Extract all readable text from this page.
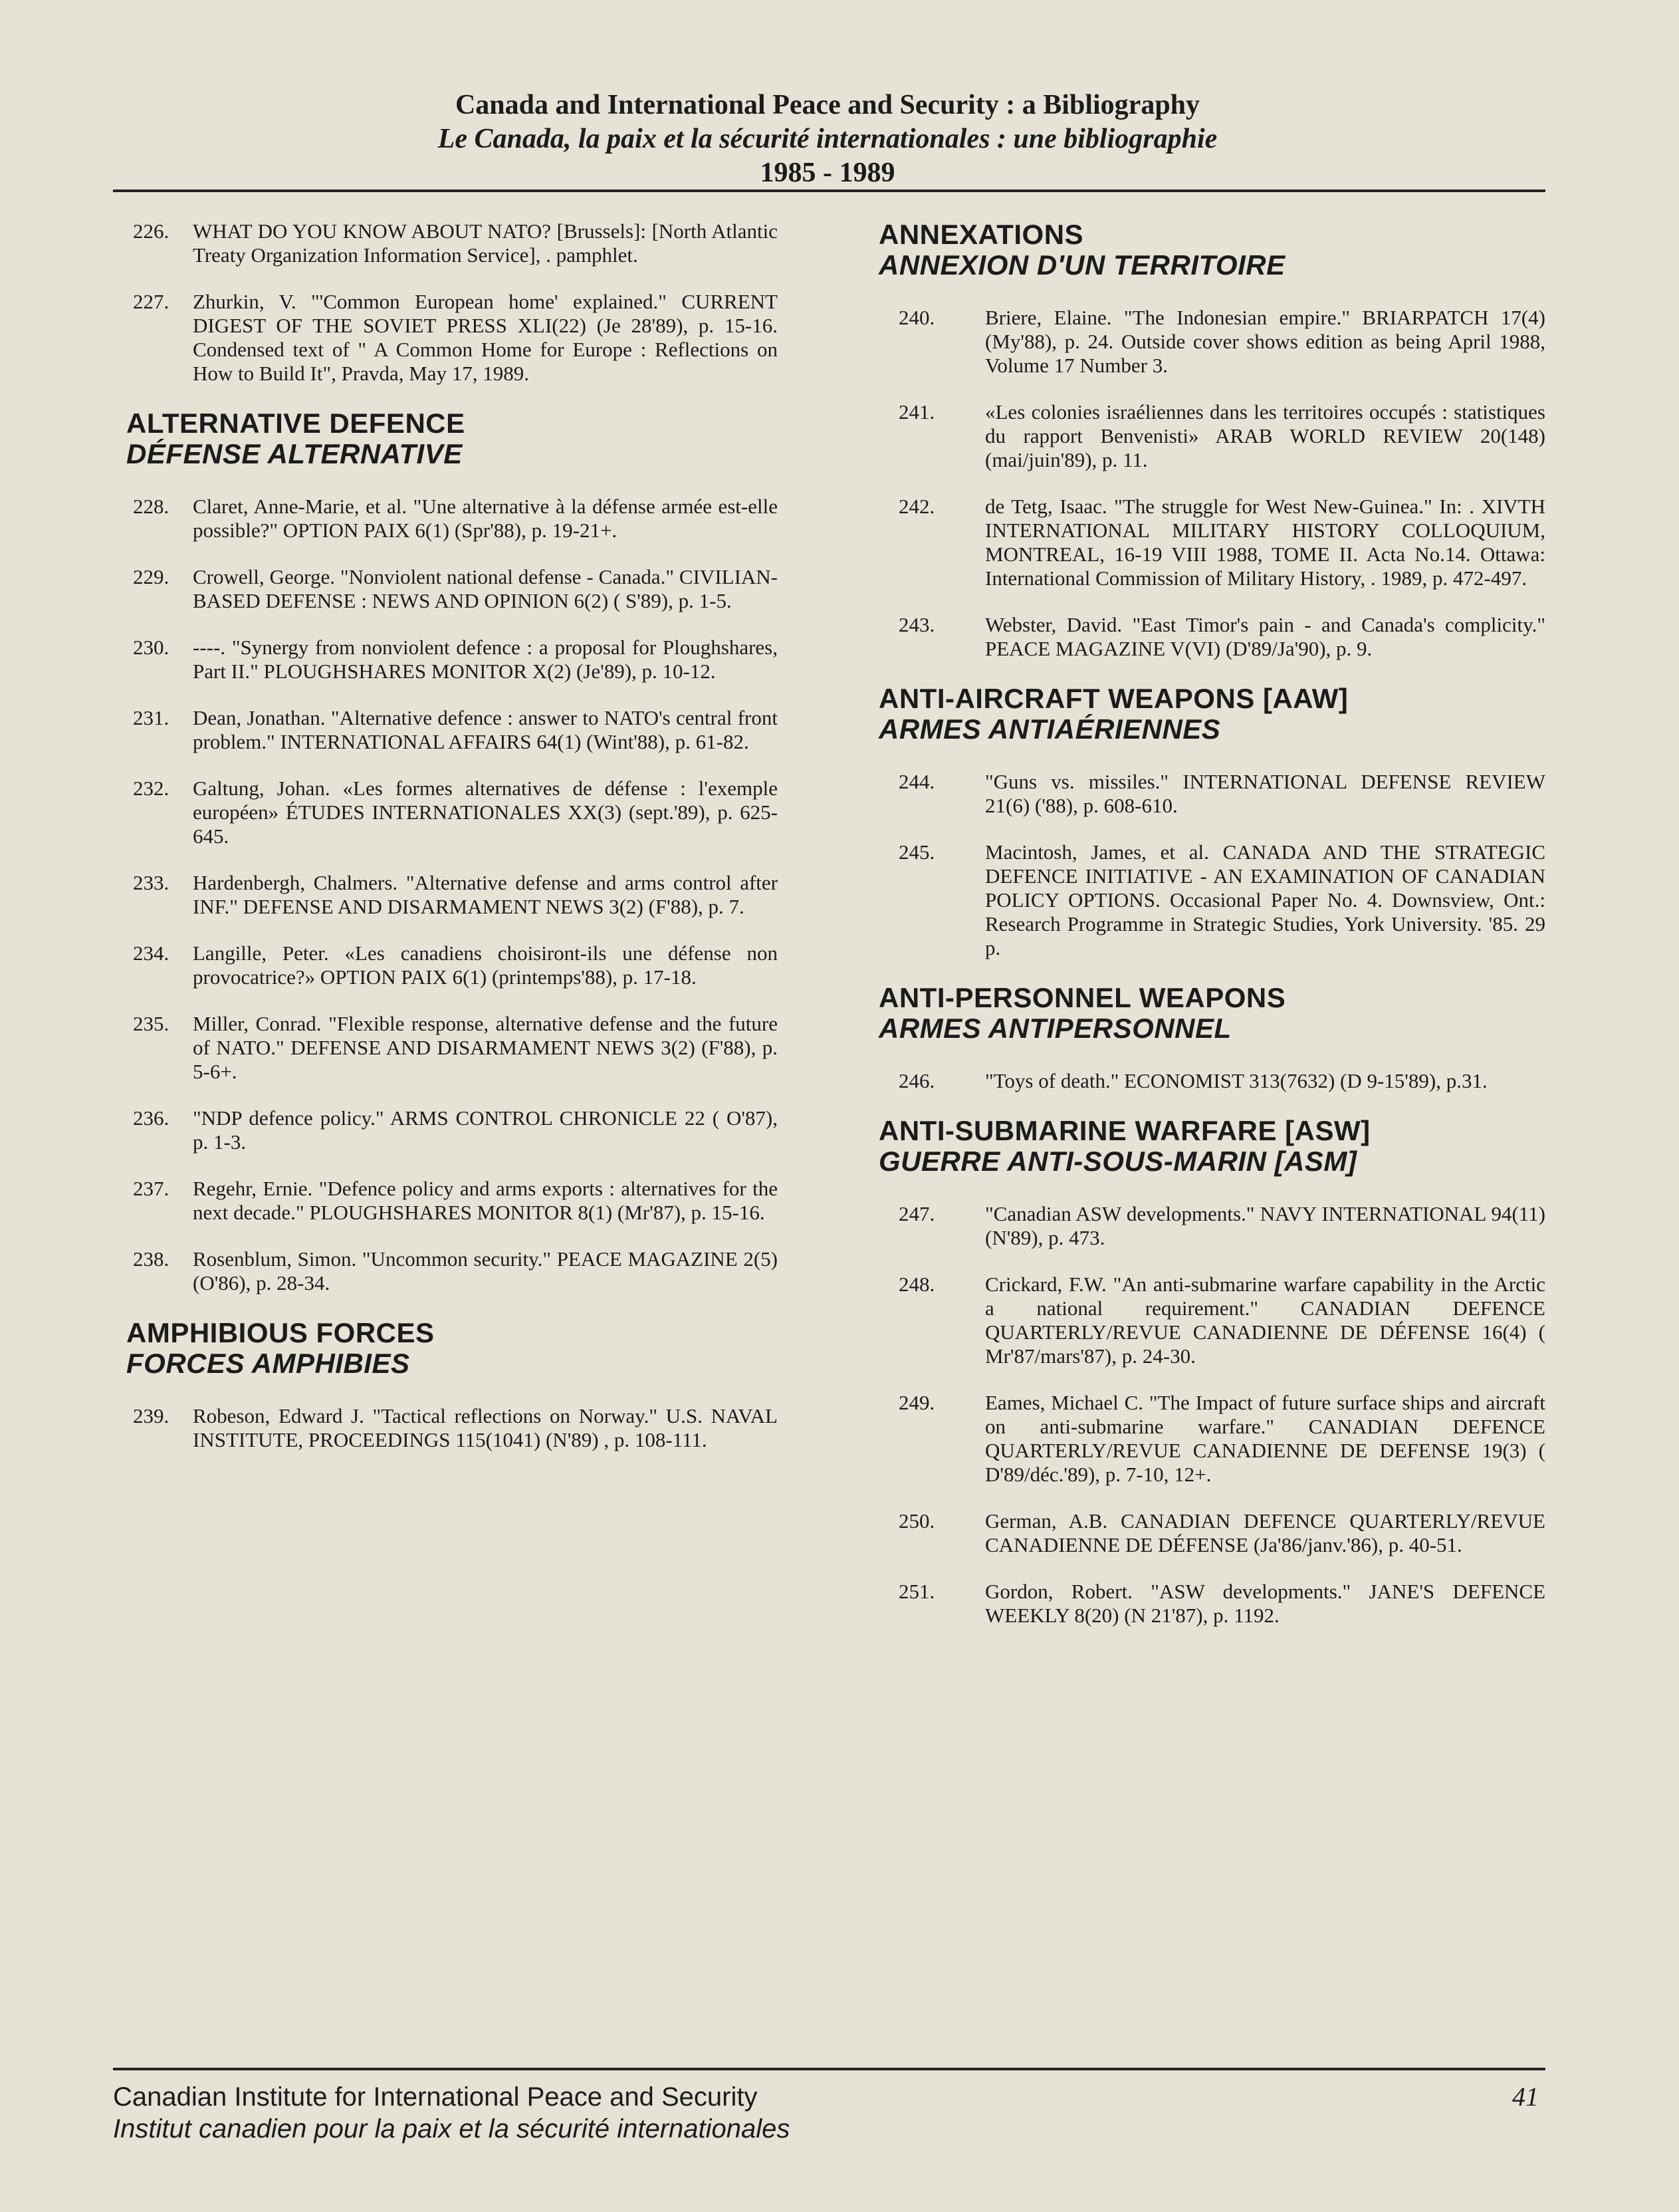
Canada and International Peace and Security : a Bibliography
Le Canada, la paix et la sécurité internationales : une bibliographie
1985 - 1989
226.	WHAT DO YOU KNOW ABOUT NATO? [Brussels]: [North Atlantic Treaty Organization Information Service], . pamphlet.
227.	Zhurkin, V. "'Common European home' explained." CURRENT DIGEST OF THE SOVIET PRESS XLI(22) (Je 28'89), p. 15-16. Condensed text of " A Common Home for Europe : Reflections on How to Build It", Pravda, May 17, 1989.
ALTERNATIVE DEFENCE
DÉFENSE ALTERNATIVE
228.	Claret, Anne-Marie, et al. "Une alternative à la défense armée est-elle possible?" OPTION PAIX 6(1) (Spr'88), p. 19-21+.
229.	Crowell, George. "Nonviolent national defense - Canada." CIVILIAN-BASED DEFENSE : NEWS AND OPINION 6(2) ( S'89), p. 1-5.
230.	----. "Synergy from nonviolent defence : a proposal for Ploughshares, Part II." PLOUGHSHARES MONITOR X(2) (Je'89), p. 10-12.
231.	Dean, Jonathan. "Alternative defence : answer to NATO's central front problem." INTERNATIONAL AFFAIRS 64(1) (Wint'88), p. 61-82.
232.	Galtung, Johan. «Les formes alternatives de défense : l'exemple européen» ÉTUDES INTERNATIONALES XX(3) (sept.'89), p. 625-645.
233.	Hardenbergh, Chalmers. "Alternative defense and arms control after INF." DEFENSE AND DISARMAMENT NEWS 3(2) (F'88), p. 7.
234.	Langille, Peter. «Les canadiens choisiront-ils une défense non provocatrice?» OPTION PAIX 6(1) (printemps'88), p. 17-18.
235.	Miller, Conrad. "Flexible response, alternative defense and the future of NATO." DEFENSE AND DISARMAMENT NEWS 3(2) (F'88), p. 5-6+.
236.	"NDP defence policy." ARMS CONTROL CHRONICLE 22 ( O'87), p. 1-3.
237.	Regehr, Ernie. "Defence policy and arms exports : alternatives for the next decade." PLOUGHSHARES MONITOR 8(1) (Mr'87), p. 15-16.
238.	Rosenblum, Simon. "Uncommon security." PEACE MAGAZINE 2(5) (O'86), p. 28-34.
AMPHIBIOUS FORCES
FORCES AMPHIBIES
239.	Robeson, Edward J. "Tactical reflections on Norway." U.S. NAVAL INSTITUTE, PROCEEDINGS 115(1041) (N'89) , p. 108-111.
ANNEXATIONS
ANNEXION D'UN TERRITOIRE
240.	Briere, Elaine. "The Indonesian empire." BRIARPATCH 17(4) (My'88), p. 24. Outside cover shows edition as being April 1988, Volume 17 Number 3.
241.	«Les colonies israéliennes dans les territoires occupés : statistiques du rapport Benvenisti» ARAB WORLD REVIEW 20(148) (mai/juin'89), p. 11.
242.	de Tetg, Isaac. "The struggle for West New-Guinea." In: . XIVTH INTERNATIONAL MILITARY HISTORY COLLOQUIUM, MONTREAL, 16-19 VIII 1988, TOME II. Acta No.14. Ottawa: International Commission of Military History, . 1989, p. 472-497.
243.	Webster, David. "East Timor's pain - and Canada's complicity." PEACE MAGAZINE V(VI) (D'89/Ja'90), p. 9.
ANTI-AIRCRAFT WEAPONS [AAW]
ARMES ANTIAÉRIENNES
244.	"Guns vs. missiles." INTERNATIONAL DEFENSE REVIEW 21(6) ('88), p. 608-610.
245.	Macintosh, James, et al. CANADA AND THE STRATEGIC DEFENCE INITIATIVE - AN EXAMINATION OF CANADIAN POLICY OPTIONS. Occasional Paper No. 4. Downsview, Ont.: Research Programme in Strategic Studies, York University. '85. 29 p.
ANTI-PERSONNEL WEAPONS
ARMES ANTIPERSONNEL
246.	"Toys of death." ECONOMIST 313(7632) (D 9-15'89), p.31.
ANTI-SUBMARINE WARFARE [ASW]
GUERRE ANTI-SOUS-MARIN [ASM]
247.	"Canadian ASW developments." NAVY INTERNATIONAL 94(11) (N'89), p. 473.
248.	Crickard, F.W. "An anti-submarine warfare capability in the Arctic a national requirement." CANADIAN DEFENCE QUARTERLY/REVUE CANADIENNE DE DÉFENSE 16(4) ( Mr'87/mars'87), p. 24-30.
249.	Eames, Michael C. "The Impact of future surface ships and aircraft on anti-submarine warfare." CANADIAN DEFENCE QUARTERLY/REVUE CANADIENNE DE DEFENSE 19(3) ( D'89/déc.'89), p. 7-10, 12+.
250.	German, A.B. CANADIAN DEFENCE QUARTERLY/REVUE CANADIENNE DE DÉFENSE (Ja'86/janv.'86), p. 40-51.
251.	Gordon, Robert. "ASW developments." JANE'S DEFENCE WEEKLY 8(20) (N 21'87), p. 1192.
Canadian Institute for International Peace and Security
Institut canadien pour la paix et la sécurité internationales
41
